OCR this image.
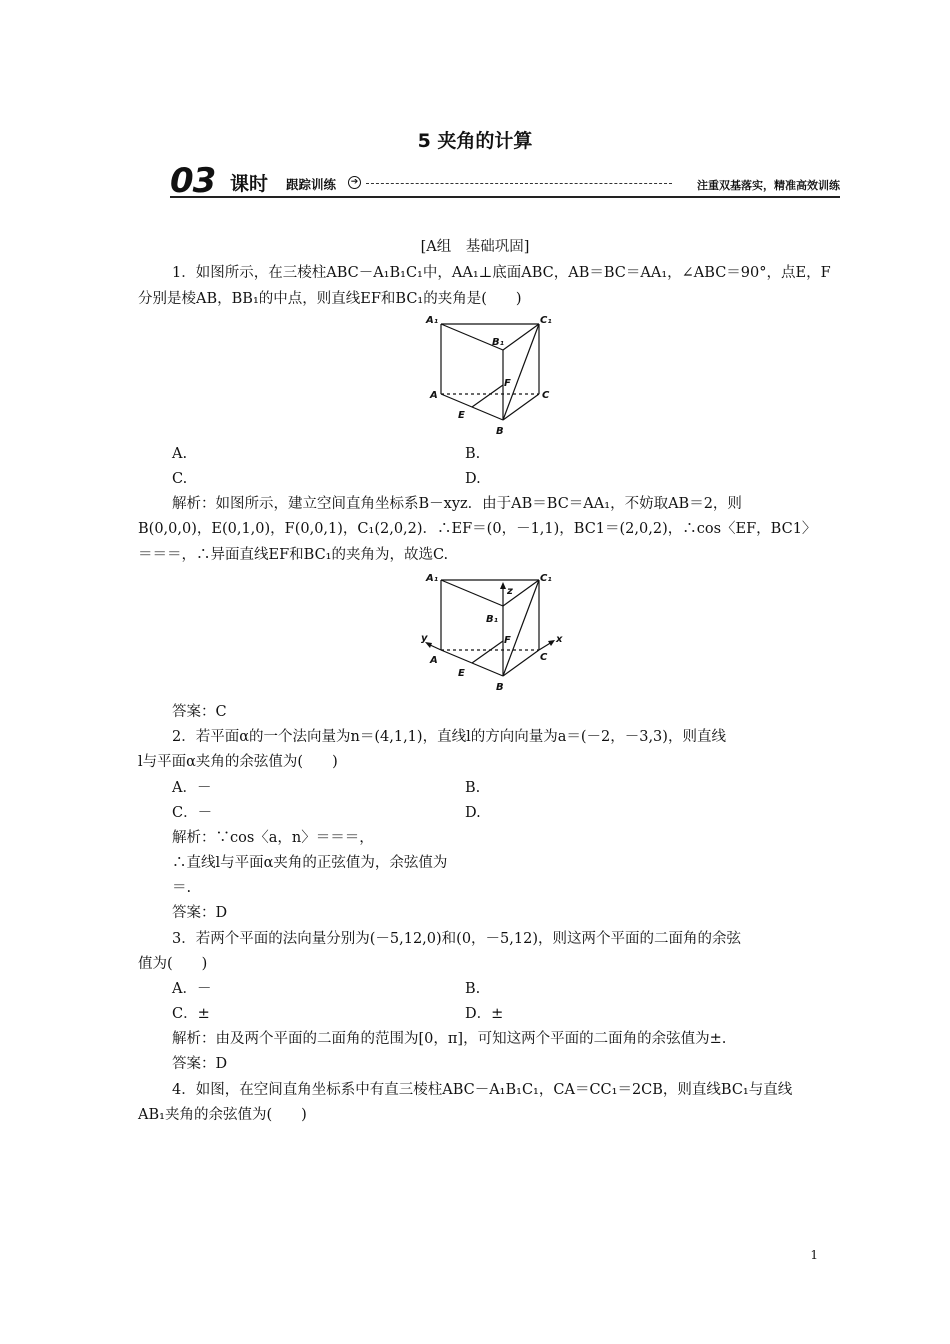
5 夹角的计算
03 课时 跟踪训练	➔	注重双基落实，精准高效训练
[A组　基础巩固]
1．如图所示，在三棱柱ABC－A₁B₁C₁中，AA₁⊥底面ABC，AB＝BC＝AA₁，∠ABC＝90°，点E，F
分别是棱AB，BB₁的中点，则直线EF和BC₁的夹角是(　　)
A₁	C₁
B₁
F
A	C
E
B
A.	B.
C.	D.
解析：如图所示，建立空间直角坐标系B－xyz．由于AB＝BC＝AA₁，不妨取AB＝2，则
B(0,0,0)，E(0,1,0)，F(0,0,1)，C₁(2,0,2)．∴EF＝(0，－1,1)，BC1＝(2,0,2)，∴cos〈EF，BC1〉
＝＝＝，∴异面直线EF和BC₁的夹角为，故选C.
A₁	C₁
z
B₁
F
y	x
A	C
E
B
答案：C
2．若平面α的一个法向量为n＝(4,1,1)，直线l的方向向量为a＝(－2，－3,3)，则直线
l与平面α夹角的余弦值为(　　)
A．－	B.
C．－	D.
解析：∵cos〈a，n〉＝＝＝，
∴直线l与平面α夹角的正弦值为，余弦值为
＝.
答案：D
3．若两个平面的法向量分别为(－5,12,0)和(0，－5,12)，则这两个平面的二面角的余弦
值为(　　)
A．－	B.
C．±	D．±
解析：由及两个平面的二面角的范围为[0，π]，可知这两个平面的二面角的余弦值为±.
答案：D
4．如图，在空间直角坐标系中有直三棱柱ABC－A₁B₁C₁，CA＝CC₁＝2CB，则直线BC₁与直线
AB₁夹角的余弦值为(　　)
1
